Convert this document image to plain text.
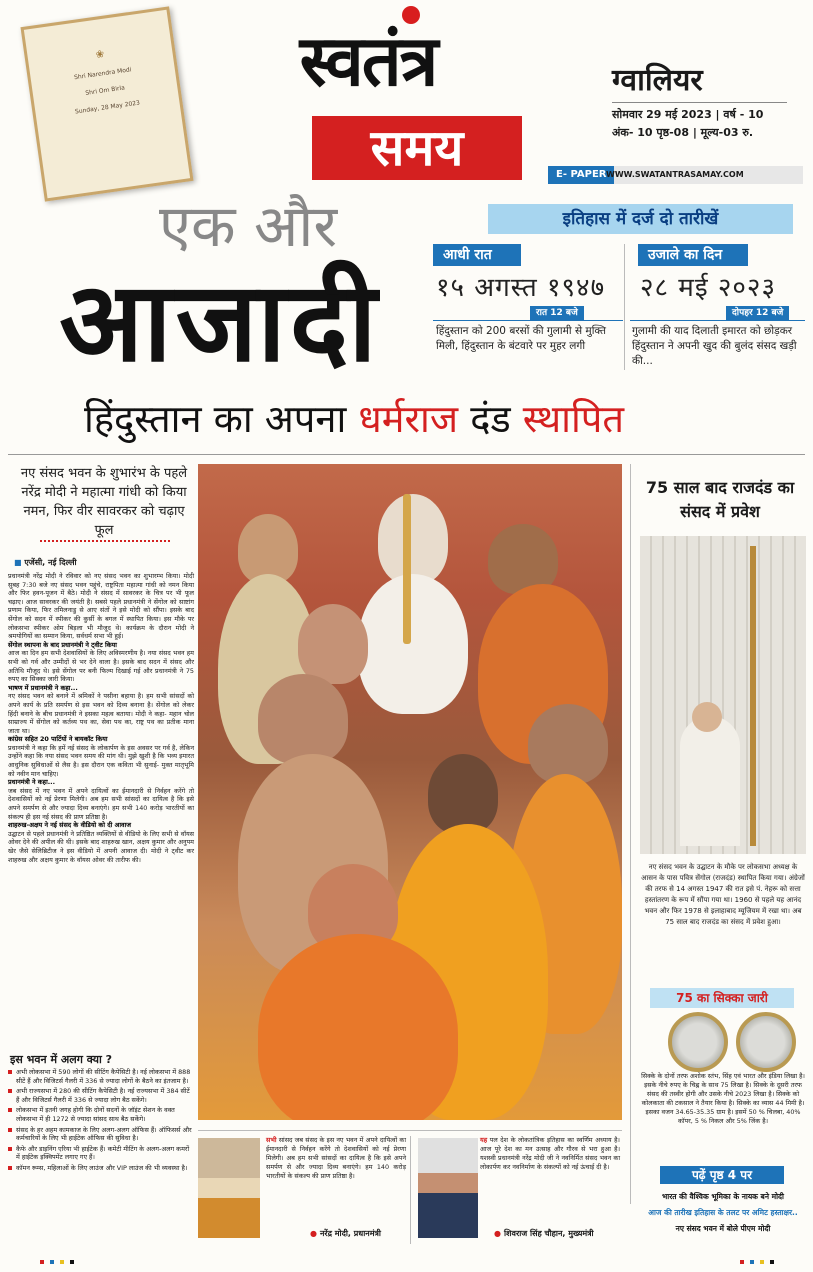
❀
Shri Narendra Modi
Shri Om Birla
Sunday, 28 May 2023
स्वतंत्र
समय
ग्वालियर
सोमवार 29 मई 2023 | वर्ष - 10
अंक- 10 पृष्ठ-08 | मूल्य-03 रु.
E- PAPER WWW.SWATANTRASAMAY.COM
एक और
आजादी
इतिहास में दर्ज दो तारीखें
आधी रात
१५ अगस्त १९४७
रात 12 बजे
हिंदुस्तान को 200 बरसों की गुलामी से मुक्ति मिली, हिंदुस्तान के बंटवारे पर मुहर लगी
उजाले का दिन
२८ मई २०२३
दोपहर 12 बजे
गुलामी की याद दिलाती इमारत को छोड़कर हिंदुस्तान ने अपनी खुद की बुलंद संसद खड़ी की...
हिंदुस्तान का अपना धर्मराज दंड स्थापित
नए संसद भवन के शुभारंभ के पहले नरेंद्र मोदी ने महात्मा गांधी को किया नमन, फिर वीर सावरकर को चढ़ाए फूल
■ एजेंसी, नई दिल्ली
प्रधानमंत्री नरेंद्र मोदी ने रविवार को नए संसद भवन का शुभारम्भ किया। मोदी सुबह 7:30 बजे नए संसद भवन पहुंचे, राष्ट्रपिता महात्मा गांधी को नमन किया और फिर हवन-पूजन में बैठे। मोदी ने संसद में सावरकर के चित्र पर भी फूल चढ़ाए। आज सावरकर की जयंती है। सबसे पहले प्रधानमंत्री ने सेंगोल को साष्टांग प्रणाम किया, फिर तमिलनाडु से आए संतों ने इसे मोदी को सौंपा। इसके बाद सेंगोल को सदन में स्पीकर की कुर्सी के बगल में स्थापित किया। इस मौके पर लोकसभा स्पीकर ओम बिड़ला भी मौजूद थे। कार्यक्रम के दौरान मोदी ने श्रमयोगियों का सम्मान किया, सर्वधर्म सभा भी हुई।
सेंगोल स्थापना के बाद प्रधानमंत्री ने ट्वीट किया
आज का दिन हम सभी देशवासियों के लिए अविस्मरणीय है। नया संसद भवन हम सभी को गर्व और उम्मीदों से भर देने वाला है। इसके बाद सदन में संसद और अतिथि मौजूद थे। इसे सेंगोल पर बनी फिल्म दिखाई गई और प्रधानमंत्री ने 75 रुपए का सिक्का जारी किया।
भाषण में प्रधानमंत्री ने कहा...
नए संसद भवन को बनाने में श्रमिकों ने पसीना बहाया है। हम सभी सांसदों को अपने कार्य के प्रति समर्पण से इस भवन को दिव्य बनाना है। सेंगोल को लेकर हिंदी बनाने के बीच प्रधानमंत्री ने इसका महत्व बताया। मोदी ने कहा- महान चोल साम्राज्य में सेंगोल को कर्तव्य पथ का, सेवा पथ का, राष्ट्र पथ का प्रतीक माना जाता था।
कांग्रेस सहित 20 पार्टियों ने बायकॉट किया
प्रधानमंत्री ने कहा कि हमें नई संसद के लोकार्पण के इस अवसर पर गर्व है, लेकिन उन्होंने कहा कि नया संसद भवन समय की मांग थी। मुझे खुशी है कि भव्य इमारत आधुनिक सुविधाओं से लैस है। इस दौरान एक कविता भी सुनाई- मुक्त मातृभूमि को नवीन मान चाहिए।
प्रधानमंत्री ने कहा...
जब संसद में नए भवन में अपने दायित्वों का ईमानदारी से निर्वहन करेंगे तो देशवासियों को नई प्रेरणा मिलेगी। अब हम सभी सांसदों का दायित्व है कि इसे अपने समर्पण से और ज्यादा दिव्य बनाएंगे। हम सभी 140 करोड़ भारतीयों का संकल्प ही इस नई संसद की प्राण प्रतिष्ठा है।
शाहरुख-अक्षय ने नई संसद के वीडियो को दी आवाज
उद्घाटन से पहले प्रधानमंत्री ने प्रतिष्ठित व्यक्तियों से वीडियो के लिए सभी से वॉयस ओवर देने की अपील की थी। इसके बाद शाहरुख खान, अक्षय कुमार और अनुपम खेर जैसे सेलिब्रिटीज ने इस वीडियो में अपनी आवाज दी। मोदी ने ट्वीट कर शाहरुख और अक्षय कुमार के वॉयस ओवर की तारीफ की।
इस भवन में अलग क्या ?
अभी लोकसभा में 590 लोगों की सीटिंग कैपेसिटी है। नई लोकसभा में 888 सीटें हैं और विजिटर्स गैलरी में 336 से ज्यादा लोगों के बैठने का इंतजाम है।
अभी राज्यसभा में 280 की सीटिंग कैपेसिटी है। नई राज्यसभा में 384 सीटें हैं और विजिटर्स गैलरी में 336 से ज्यादा लोग बैठ सकेंगे।
लोकसभा में इतनी जगह होगी कि दोनों सदनों के जॉइंट सेशन के वक्त लोकसभा में ही 1272 से ज्यादा सांसद साथ बैठ सकेंगे।
संसद के हर अहम कामकाज के लिए अलग-अलग ऑफिस हैं। ऑफिसर्स और कर्मचारियों के लिए भी हाईटेक ऑफिस की सुविधा है।
कैफे और डाइनिंग एरिया भी हाईटेक हैं। कमेटी मीटिंग के अलग-अलग कमरों में हाईटेक इक्विपमेंट लगाए गए हैं।
कॉमन रूम्स, महिलाओं के लिए लाउंज और VIP लाउंज की भी व्यवस्था है।
75 साल बाद राजदंड का संसद में प्रवेश
नए संसद भवन के उद्घाटन के मौके पर लोकसभा अध्यक्ष के आसन के पास पवित्र सेंगोल (राजदंड) स्थापित किया गया। अंग्रेजों की तरफ से 14 अगस्त 1947 की रात इसे पं. नेहरू को सत्ता हस्तांतरण के रूप में सौंपा गया था। 1960 से पहले यह आनंद भवन और फिर 1978 से इलाहाबाद म्यूजियम में रखा था। अब 75 साल बाद राजदंड का संसद में प्रवेश हुआ।
75 का सिक्का जारी
सिक्के के दोनों तरफ अशोक स्तंभ, सिंह एवं भारत और इंडिया लिखा है। इसके नीचे रुपए के चिह्न के साथ 75 लिखा है। सिक्के के दूसरी तरफ संसद की तस्वीर होगी और उसके नीचे 2023 लिखा है। सिक्के को कोलकाता की टकसाल ने तैयार किया है। सिक्के का व्यास 44 मिमी है। इसका वजन 34.65-35.35 ग्राम है। इसमें 50 % चिलबा, 40% कॉपर, 5 % निकल और 5% जिंक है।
पढ़ें पृष्ठ 4 पर
भारत की वैश्विक भूमिका के नायक बने मोदी
आज की तारीख इतिहास के तलट पर अमिट हस्ताक्षर..
नए संसद भवन में बोले पीएम मोदी
सभी सांसद जब संसद के इस नए भवन में अपने दायित्वों का ईमानदारी से निर्वहन करेंगे तो देशवासियों को नई प्रेरणा मिलेगी। अब हम सभी सांसदों का दायित्व है कि इसे अपने समर्पण से और ज्यादा दिव्य बनाएंगे। हम 140 करोड़ भारतीयों के संकल्प की प्राण प्रतिष्ठा है।
● नरेंद्र मोदी, प्रधानमंत्री
यह पल देश के लोकतांत्रिक इतिहास का स्वर्णिम अध्याय है। आज पूरे देश का मन उत्साह और गौरव से भरा हुआ है। यशस्वी प्रधानमंत्री नरेंद्र मोदी जी ने नवनिर्मित संसद भवन का लोकार्पण कर नवनिर्माण के संकल्पों को नई ऊंचाई दी है।
● शिवराज सिंह चौहान, मुख्यमंत्री
